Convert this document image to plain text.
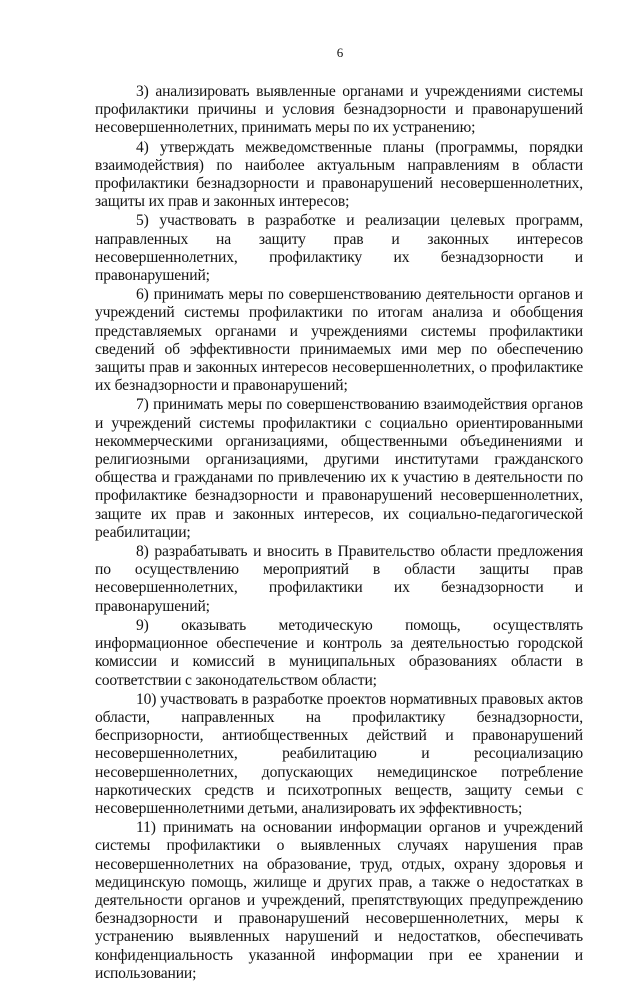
6

3) анализировать выявленные органами и учреждениями системы профилактики причины и условия безнадзорности и правонарушений несовершеннолетних, принимать меры по их устранению;

4) утверждать межведомственные планы (программы, порядки взаимодействия) по наиболее актуальным направлениям в области профилактики безнадзорности и правонарушений несовершеннолетних, защиты их прав и законных интересов;

5) участвовать в разработке и реализации целевых программ, направленных на защиту прав и законных интересов несовершеннолетних, профилактику их безнадзорности и правонарушений;

6) принимать меры по совершенствованию деятельности органов и учреждений системы профилактики по итогам анализа и обобщения представляемых органами и учреждениями системы профилактики сведений об эффективности принимаемых ими мер по обеспечению защиты прав и законных интересов несовершеннолетних, о профилактике их безнадзорности и правонарушений;

7) принимать меры по совершенствованию взаимодействия органов и учреждений системы профилактики с социально ориентированными некоммерческими организациями, общественными объединениями и религиозными организациями, другими институтами гражданского общества и гражданами по привлечению их к участию в деятельности по профилактике безнадзорности и правонарушений несовершеннолетних, защите их прав и законных интересов, их социально-педагогической реабилитации;

8) разрабатывать и вносить в Правительство области предложения по осуществлению мероприятий в области защиты прав несовершеннолетних, профилактики их безнадзорности и правонарушений;

9) оказывать методическую помощь, осуществлять информационное обеспечение и контроль за деятельностью городской комиссии и комиссий в муниципальных образованиях области в соответствии с законодательством области;

10) участвовать в разработке проектов нормативных правовых актов области, направленных на профилактику безнадзорности, беспризорности, антиобщественных действий и правонарушений несовершеннолетних, реабилитацию и ресоциализацию несовершеннолетних, допускающих немедицинское потребление наркотических средств и психотропных веществ, защиту семьи с несовершеннолетними детьми, анализировать их эффективность;

11) принимать на основании информации органов и учреждений системы профилактики о выявленных случаях нарушения прав несовершеннолетних на образование, труд, отдых, охрану здоровья и медицинскую помощь, жилище и других прав, а также о недостатках в деятельности органов и учреждений, препятствующих предупреждению безнадзорности и правонарушений несовершеннолетних, меры к устранению выявленных нарушений и недостатков, обеспечивать конфиденциальность указанной информации при ее хранении и использовании;
